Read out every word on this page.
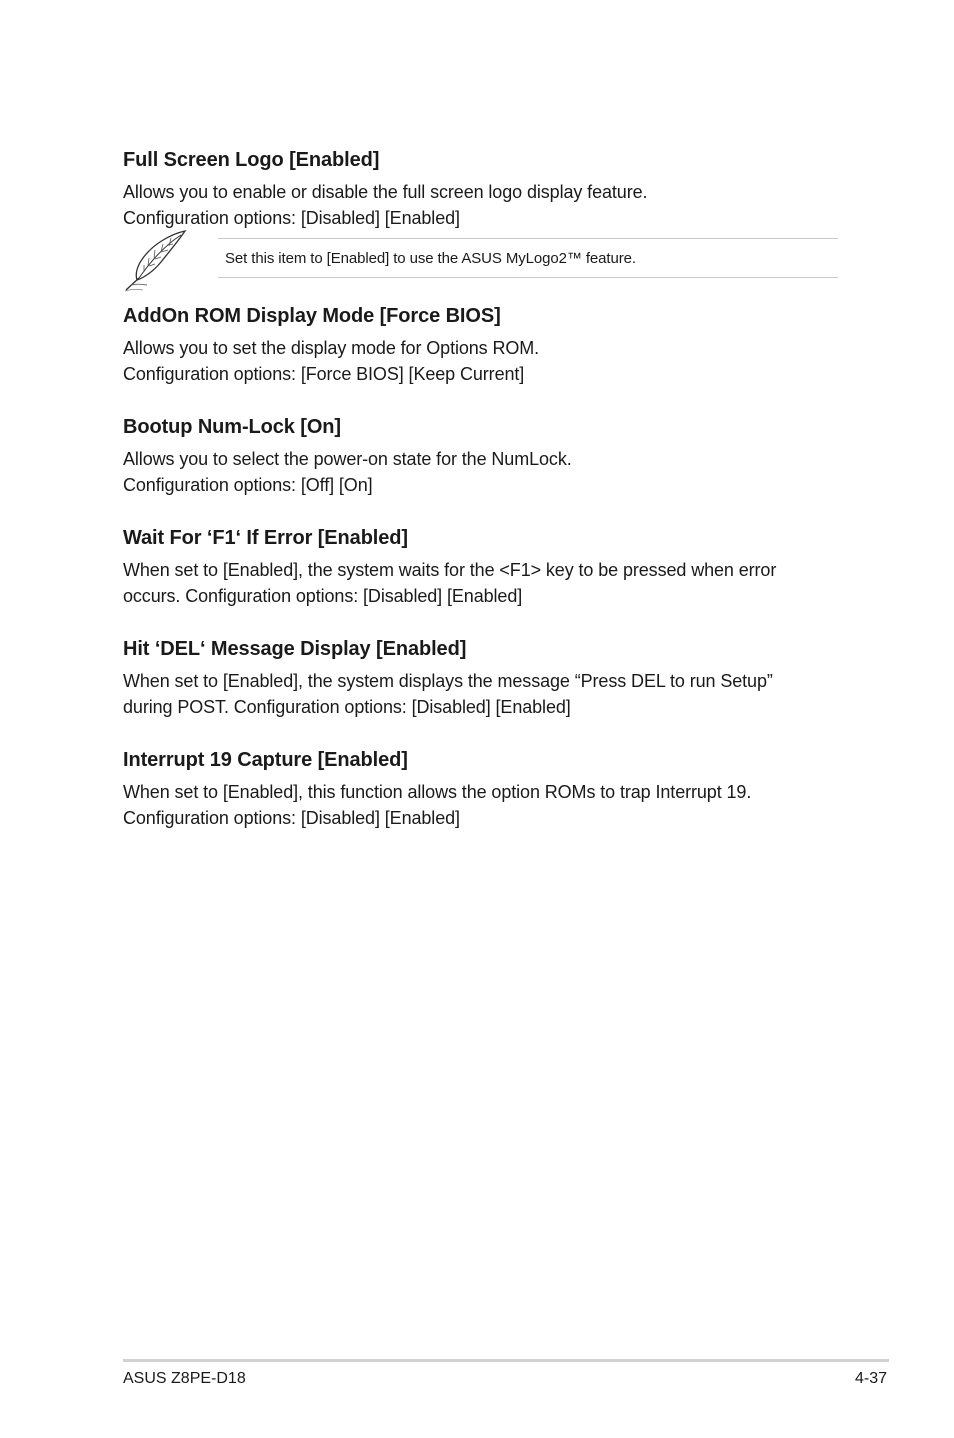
Full Screen Logo [Enabled]
Allows you to enable or disable the full screen logo display feature.
Configuration options: [Disabled] [Enabled]
Set this item to [Enabled] to use the ASUS MyLogo2™ feature.
AddOn ROM Display Mode [Force BIOS]
Allows you to set the display mode for Options ROM.
Configuration options: [Force BIOS] [Keep Current]
Bootup Num-Lock [On]
Allows you to select the power-on state for the NumLock.
Configuration options: [Off] [On]
Wait For ‘F1‘ If Error [Enabled]
When set to [Enabled], the system waits for the <F1> key to be pressed when error
occurs. Configuration options: [Disabled] [Enabled]
Hit ‘DEL‘ Message Display [Enabled]
When set to [Enabled], the system displays the message “Press DEL to run Setup”
during POST. Configuration options: [Disabled] [Enabled]
Interrupt 19 Capture [Enabled]
When set to [Enabled], this function allows the option ROMs to trap Interrupt 19.
Configuration options: [Disabled] [Enabled]
ASUS Z8PE-D18	4-37
